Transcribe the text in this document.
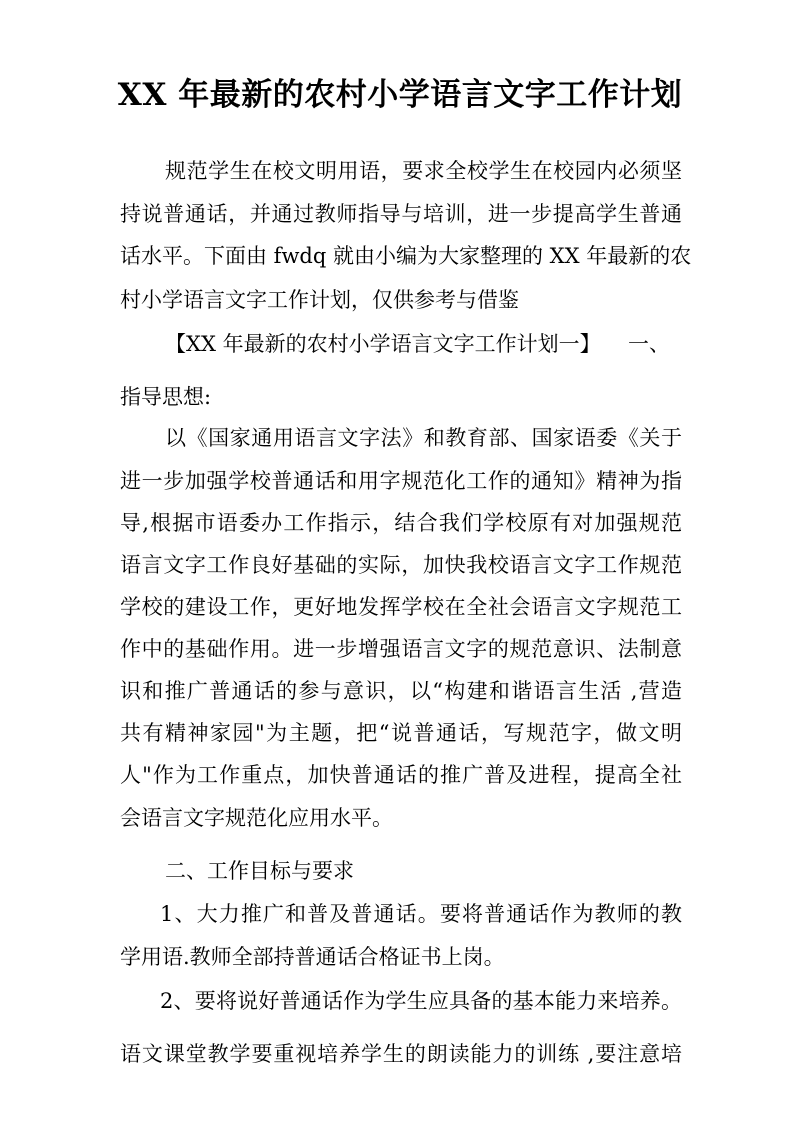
XX 年最新的农村小学语言文字工作计划
规范学生在校文明用语，要求全校学生在校园内必须坚
持说普通话，并通过教师指导与培训，进一步提高学生普通
话水平。下面由 fwdq 就由小编为大家整理的 XX 年最新的农
村小学语言文字工作计划，仅供参考与借鉴
【XX 年最新的农村小学语言文字工作计划一】 一、
指导思想:
以《国家通用语言文字法》和教育部、国家语委《关于
进一步加强学校普通话和用字规范化工作的通知》精神为指
导,根据市语委办工作指示，结合我们学校原有对加强规范
语言文字工作良好基础的实际，加快我校语言文字工作规范
学校的建设工作，更好地发挥学校在全社会语言文字规范工
作中的基础作用。进一步增强语言文字的规范意识、法制意
识和推广普通话的参与意识，以“构建和谐语言生活 ,营造
共有精神家园"为主题，把“说普通话，写规范字，做文明
人"作为工作重点，加快普通话的推广普及进程，提高全社
会语言文字规范化应用水平。
二、工作目标与要求
1、大力推广和普及普通话。要将普通话作为教师的教
学用语.教师全部持普通话合格证书上岗。
2、要将说好普通话作为学生应具备的基本能力来培养。
语文课堂教学要重视培养学生的朗读能力的训练 ,要注意培
